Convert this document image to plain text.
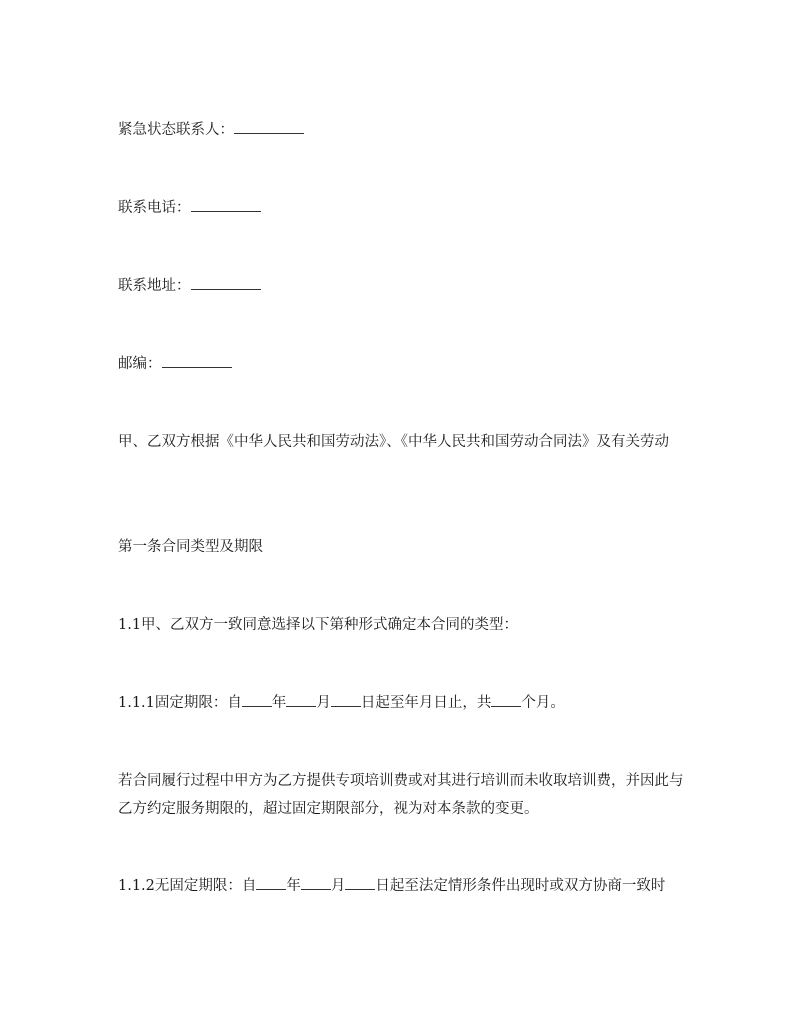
紧急状态联系人：
联系电话：
联系地址：
邮编：
甲、乙双方根据《中华人民共和国劳动法》、《中华人民共和国劳动合同法》及有关劳动
第一条合同类型及期限
1.1甲、乙双方一致同意选择以下第种形式确定本合同的类型：
1.1.1固定期限：自 年 月 日起至年月日止，共 个月。
若合同履行过程中甲方为乙方提供专项培训费或对其进行培训而未收取培训费，并因此与乙方约定服务期限的，超过固定期限部分，视为对本条款的变更。
1.1.2无固定期限：自 年 月 日起至法定情形条件出现时或双方协商一致时
